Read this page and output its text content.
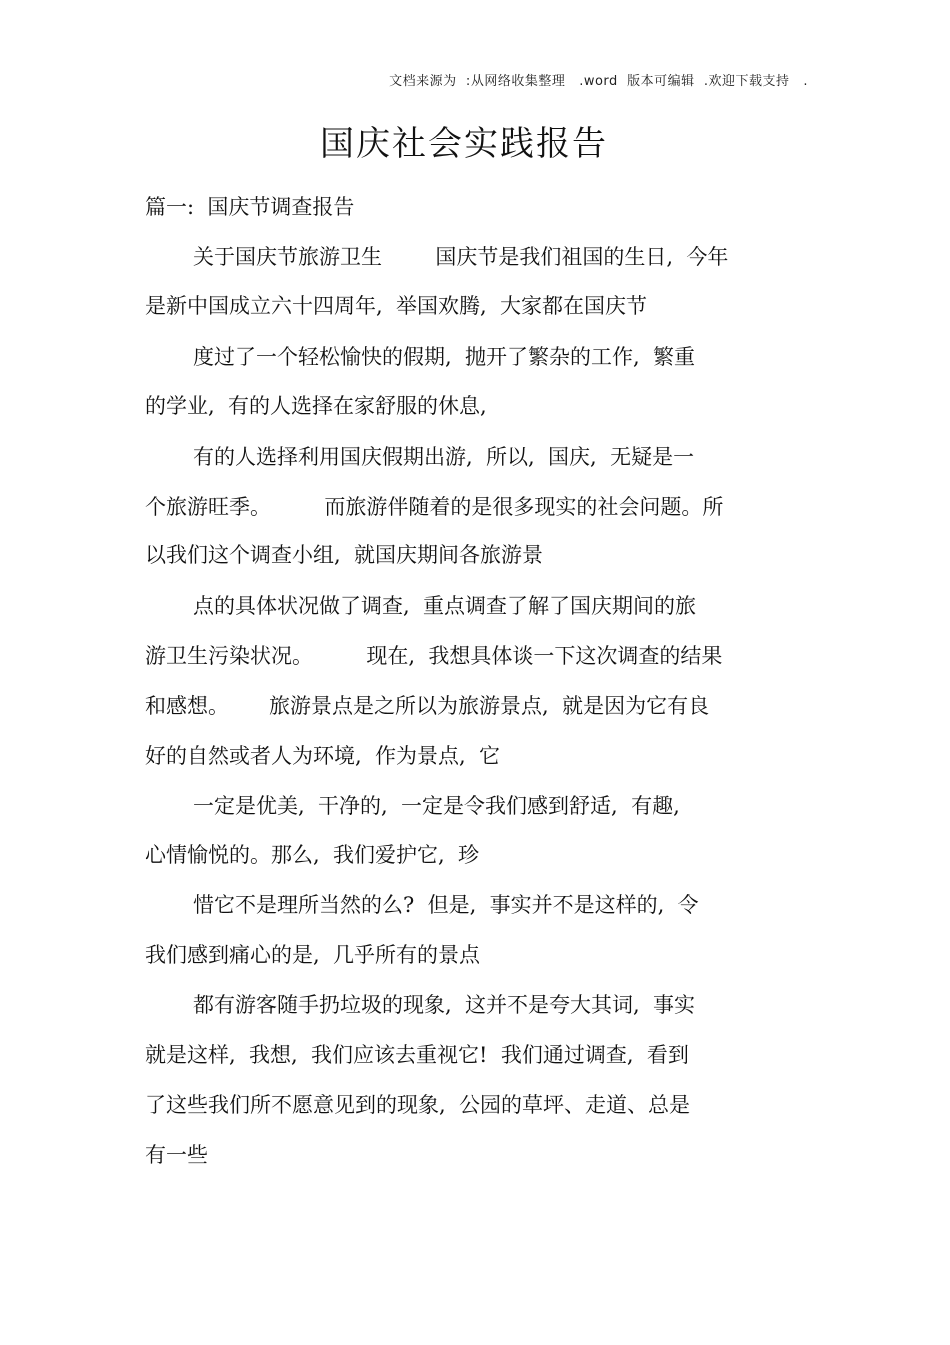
文档来源为  :从网络收集整理   .word  版本可编辑  .欢迎下载支持   .
国庆社会实践报告
篇一:  国庆节调查报告
关于国庆节旅游卫生        国庆节是我们祖国的生日,  今年
是新中国成立六十四周年,  举国欢腾,  大家都在国庆节
度过了一个轻松愉快的假期,  抛开了繁杂的工作,  繁重
的学业,  有的人选择在家舒服的休息,
有的人选择利用国庆假期出游,  所以,  国庆,  无疑是一
个旅游旺季。        而旅游伴随着的是很多现实的社会问题。所
以我们这个调查小组,  就国庆期间各旅游景
点的具体状况做了调查,  重点调查了解了国庆期间的旅
游卫生污染状况。        现在,  我想具体谈一下这次调查的结果
和感想。      旅游景点是之所以为旅游景点,  就是因为它有良
好的自然或者人为环境,  作为景点,  它
一定是优美,  干净的,  一定是令我们感到舒适,  有趣,
心情愉悦的。那么,  我们爱护它,  珍
惜它不是理所当然的么?  但是,  事实并不是这样的,  令
我们感到痛心的是,  几乎所有的景点
都有游客随手扔垃圾的现象,  这并不是夸大其词,  事实
就是这样,  我想,  我们应该去重视它!  我们通过调查,  看到
了这些我们所不愿意见到的现象,  公园的草坪、走道、总是
有一些
